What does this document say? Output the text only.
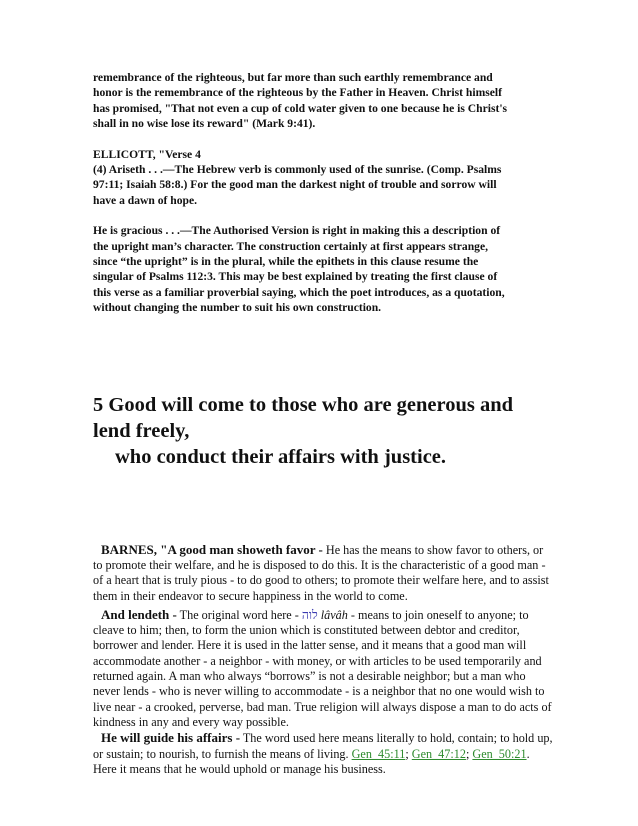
remembrance of the righteous, but far more than such earthly remembrance and

honor is the remembrance of the righteous by the Father in Heaven. Christ himself

has promised, "That not even a cup of cold water given to one because he is Christ's

shall in no wise lose its reward" (Mark 9:41).

ELLICOTT, "Verse 4

(4) Ariseth . . .—The Hebrew verb is commonly used of the sunrise. (Comp. Psalms

97:11; Isaiah 58:8.) For the good man the darkest night of trouble and sorrow will

have a dawn of hope.

He is gracious . . .—The Authorised Version is right in making this a description of

the upright man’s character. The construction certainly at first appears strange,

since “the upright” is in the plural, while the epithets in this clause resume the

singular of Psalms 112:3. This may be best explained by treating the first clause of

this verse as a familiar proverbial saying, which the poet introduces, as a quotation,

without changing the number to suit his own construction.

5 Good will come to those who are generous and
lend freely,
who conduct their affairs with justice.

BARNES, "A good man showeth favor - He has the means to show favor to others, or to promote their welfare, and he is disposed to do this. It is the characteristic of a good man - of a heart that is truly pious - to do good to others; to promote their welfare here, and to assist them in their endeavor to secure happiness in the world to come.

And lendeth - The original word here - לוה lâvâh - means to join oneself to anyone; to cleave to him; then, to form the union which is constituted between debtor and creditor, borrower and lender. Here it is used in the latter sense, and it means that a good man will accommodate another - a neighbor - with money, or with articles to be used temporarily and returned again. A man who always “borrows” is not a desirable neighbor; but a man who never lends - who is never willing to accommodate - is a neighbor that no one would wish to live near - a crooked, perverse, bad man. True religion will always dispose a man to do acts of kindness in any and every way possible.

He will guide his affairs - The word used here means literally to hold, contain; to hold up, or sustain; to nourish, to furnish the means of living. Gen_45:11; Gen_47:12; Gen_50:21. Here it means that he would uphold or manage his business.
